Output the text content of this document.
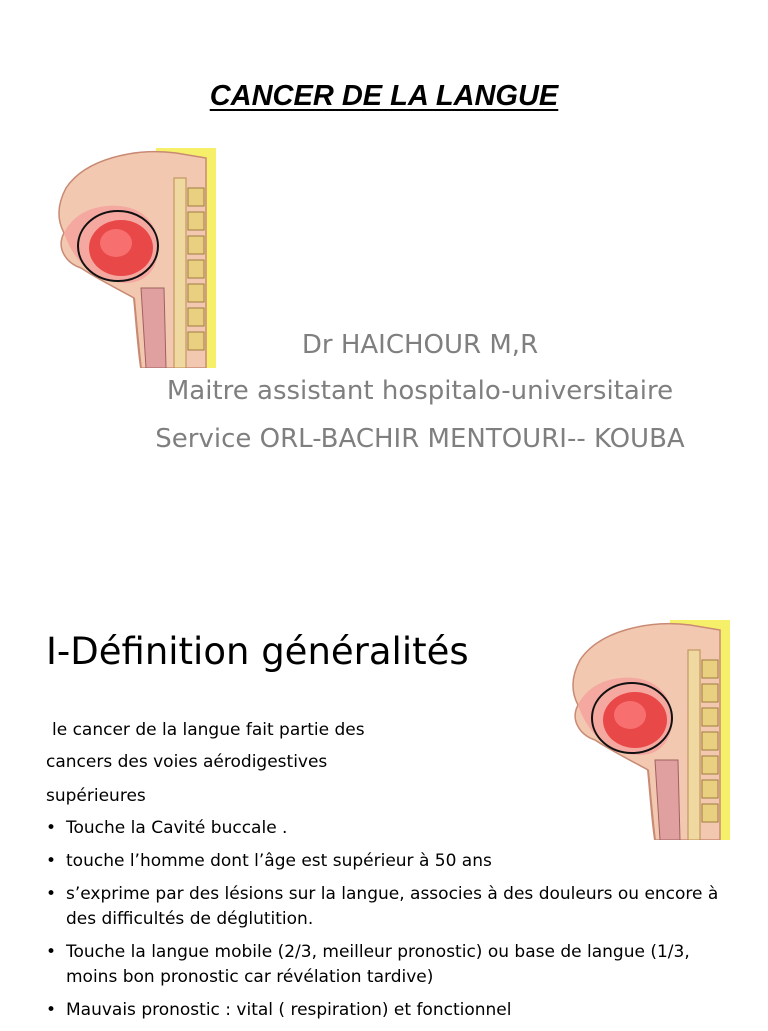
CANCER DE LA LANGUE
Dr HAICHOUR M,R
Maitre assistant hospitalo-universitaire
Service ORL-BACHIR MENTOURI-- KOUBA
I-Définition généralités
le cancer de la langue fait partie des
cancers des voies aérodigestives
supérieures
• Touche la Cavité buccale .
• touche l’homme dont l’âge est supérieur à 50 ans
• s’exprime par des lésions sur la langue, associes à des douleurs ou encore à des difficultés de déglutition.
• Touche la langue mobile (2/3, meilleur pronostic) ou base de langue (1/3, moins bon pronostic car révélation tardive)
• Mauvais pronostic : vital ( respiration) et fonctionnel
